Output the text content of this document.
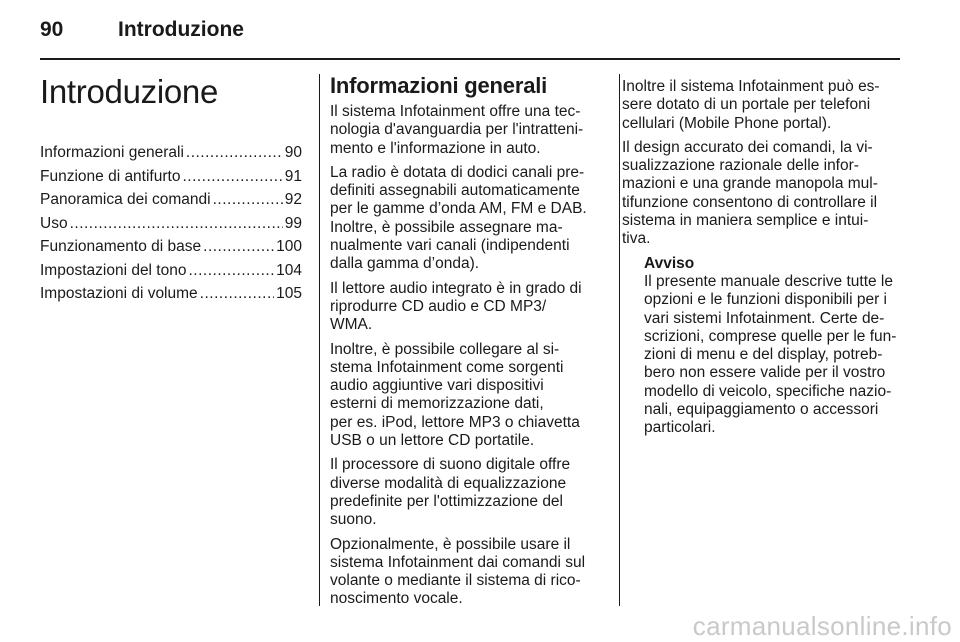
90	Introduzione
Introduzione
Informazioni generali .....	90
Funzione di antifurto .....	91
Panoramica dei comandi .....	92
Uso .....	99
Funzionamento di base .....	100
Impostazioni del tono .....	104
Impostazioni di volume .....	105
Informazioni generali

Il sistema Infotainment offre una tec-
nologia d'avanguardia per l'intratteni-
mento e l'informazione in auto.

La radio è dotata di dodici canali pre-
definiti assegnabili automaticamente
per le gamme d’onda AM, FM e DAB.
Inoltre, è possibile assegnare ma-
nualmente vari canali (indipendenti
dalla gamma d’onda).

Il lettore audio integrato è in grado di
riprodurre CD audio e CD MP3/
WMA.

Inoltre, è possibile collegare al si-
stema Infotainment come sorgenti
audio aggiuntive vari dispositivi
esterni di memorizzazione dati,
per es. iPod, lettore MP3 o chiavetta
USB o un lettore CD portatile.

Il processore di suono digitale offre
diverse modalità di equalizzazione
predefinite per l'ottimizzazione del
suono.

Opzionalmente, è possibile usare il
sistema Infotainment dai comandi sul
volante o mediante il sistema di rico-
noscimento vocale.

Inoltre il sistema Infotainment può es-
sere dotato di un portale per telefoni
cellulari (Mobile Phone portal).

Il design accurato dei comandi, la vi-
sualizzazione razionale delle infor-
mazioni e una grande manopola mul-
tifunzione consentono di controllare il
sistema in maniera semplice e intui-
tiva.

Avviso

Il presente manuale descrive tutte le
opzioni e le funzioni disponibili per i
vari sistemi Infotainment. Certe de-
scrizioni, comprese quelle per le fun-
zioni di menu e del display, potreb-
bero non essere valide per il vostro
modello di veicolo, specifiche nazio-
nali, equipaggiamento o accessori
particolari.

carmanualsonline.info
